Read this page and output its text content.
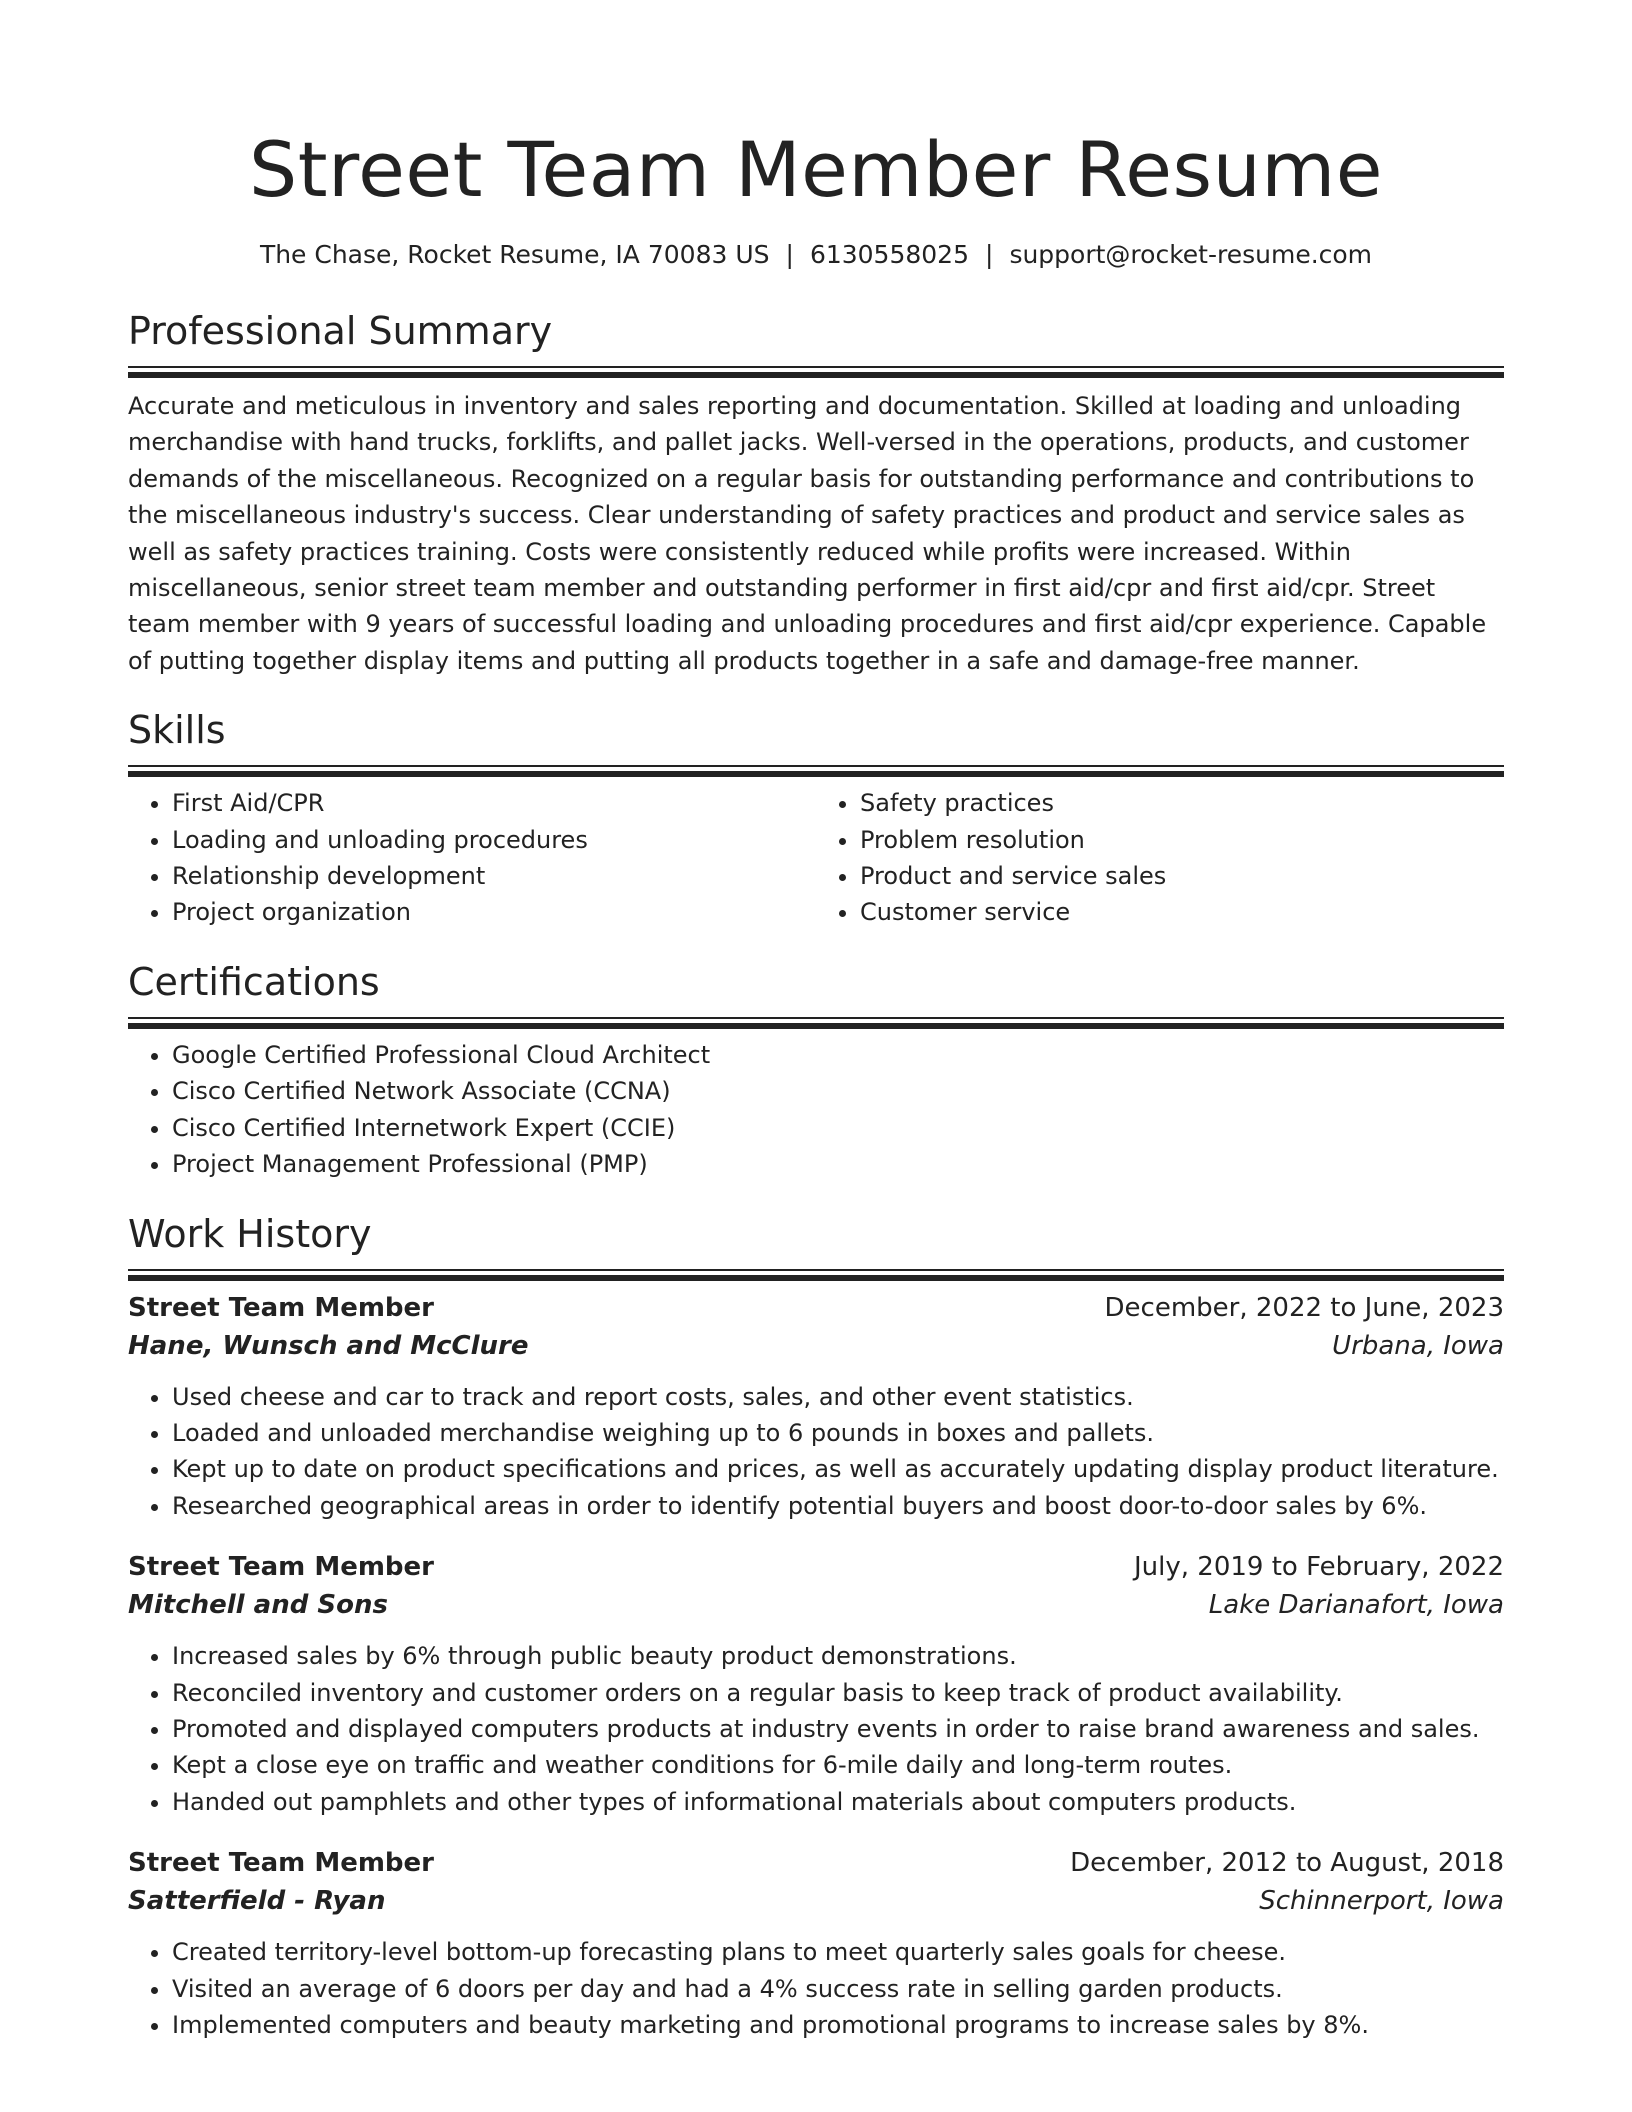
Street Team Member Resume
The Chase, Rocket Resume, IA 70083 US | 6130558025 | support@rocket-resume.com
Professional Summary
Accurate and meticulous in inventory and sales reporting and documentation. Skilled at loading and unloading merchandise with hand trucks, forklifts, and pallet jacks. Well-versed in the operations, products, and customer demands of the miscellaneous. Recognized on a regular basis for outstanding performance and contributions to the miscellaneous industry's success. Clear understanding of safety practices and product and service sales as well as safety practices training. Costs were consistently reduced while profits were increased. Within miscellaneous, senior street team member and outstanding performer in first aid/cpr and first aid/cpr. Street team member with 9 years of successful loading and unloading procedures and first aid/cpr experience. Capable of putting together display items and putting all products together in a safe and damage-free manner.
Skills
• First Aid/CPR
• Loading and unloading procedures
• Relationship development
• Project organization
• Safety practices
• Problem resolution
• Product and service sales
• Customer service
Certifications
• Google Certified Professional Cloud Architect
• Cisco Certified Network Associate (CCNA)
• Cisco Certified Internetwork Expert (CCIE)
• Project Management Professional (PMP)
Work History
Street Team Member	December, 2022 to June, 2023
Hane, Wunsch and McClure	Urbana, Iowa
• Used cheese and car to track and report costs, sales, and other event statistics.
• Loaded and unloaded merchandise weighing up to 6 pounds in boxes and pallets.
• Kept up to date on product specifications and prices, as well as accurately updating display product literature.
• Researched geographical areas in order to identify potential buyers and boost door-to-door sales by 6%.
Street Team Member	July, 2019 to February, 2022
Mitchell and Sons	Lake Darianafort, Iowa
• Increased sales by 6% through public beauty product demonstrations.
• Reconciled inventory and customer orders on a regular basis to keep track of product availability.
• Promoted and displayed computers products at industry events in order to raise brand awareness and sales.
• Kept a close eye on traffic and weather conditions for 6-mile daily and long-term routes.
• Handed out pamphlets and other types of informational materials about computers products.
Street Team Member	December, 2012 to August, 2018
Satterfield - Ryan	Schinnerport, Iowa
• Created territory-level bottom-up forecasting plans to meet quarterly sales goals for cheese.
• Visited an average of 6 doors per day and had a 4% success rate in selling garden products.
• Implemented computers and beauty marketing and promotional programs to increase sales by 8%.
